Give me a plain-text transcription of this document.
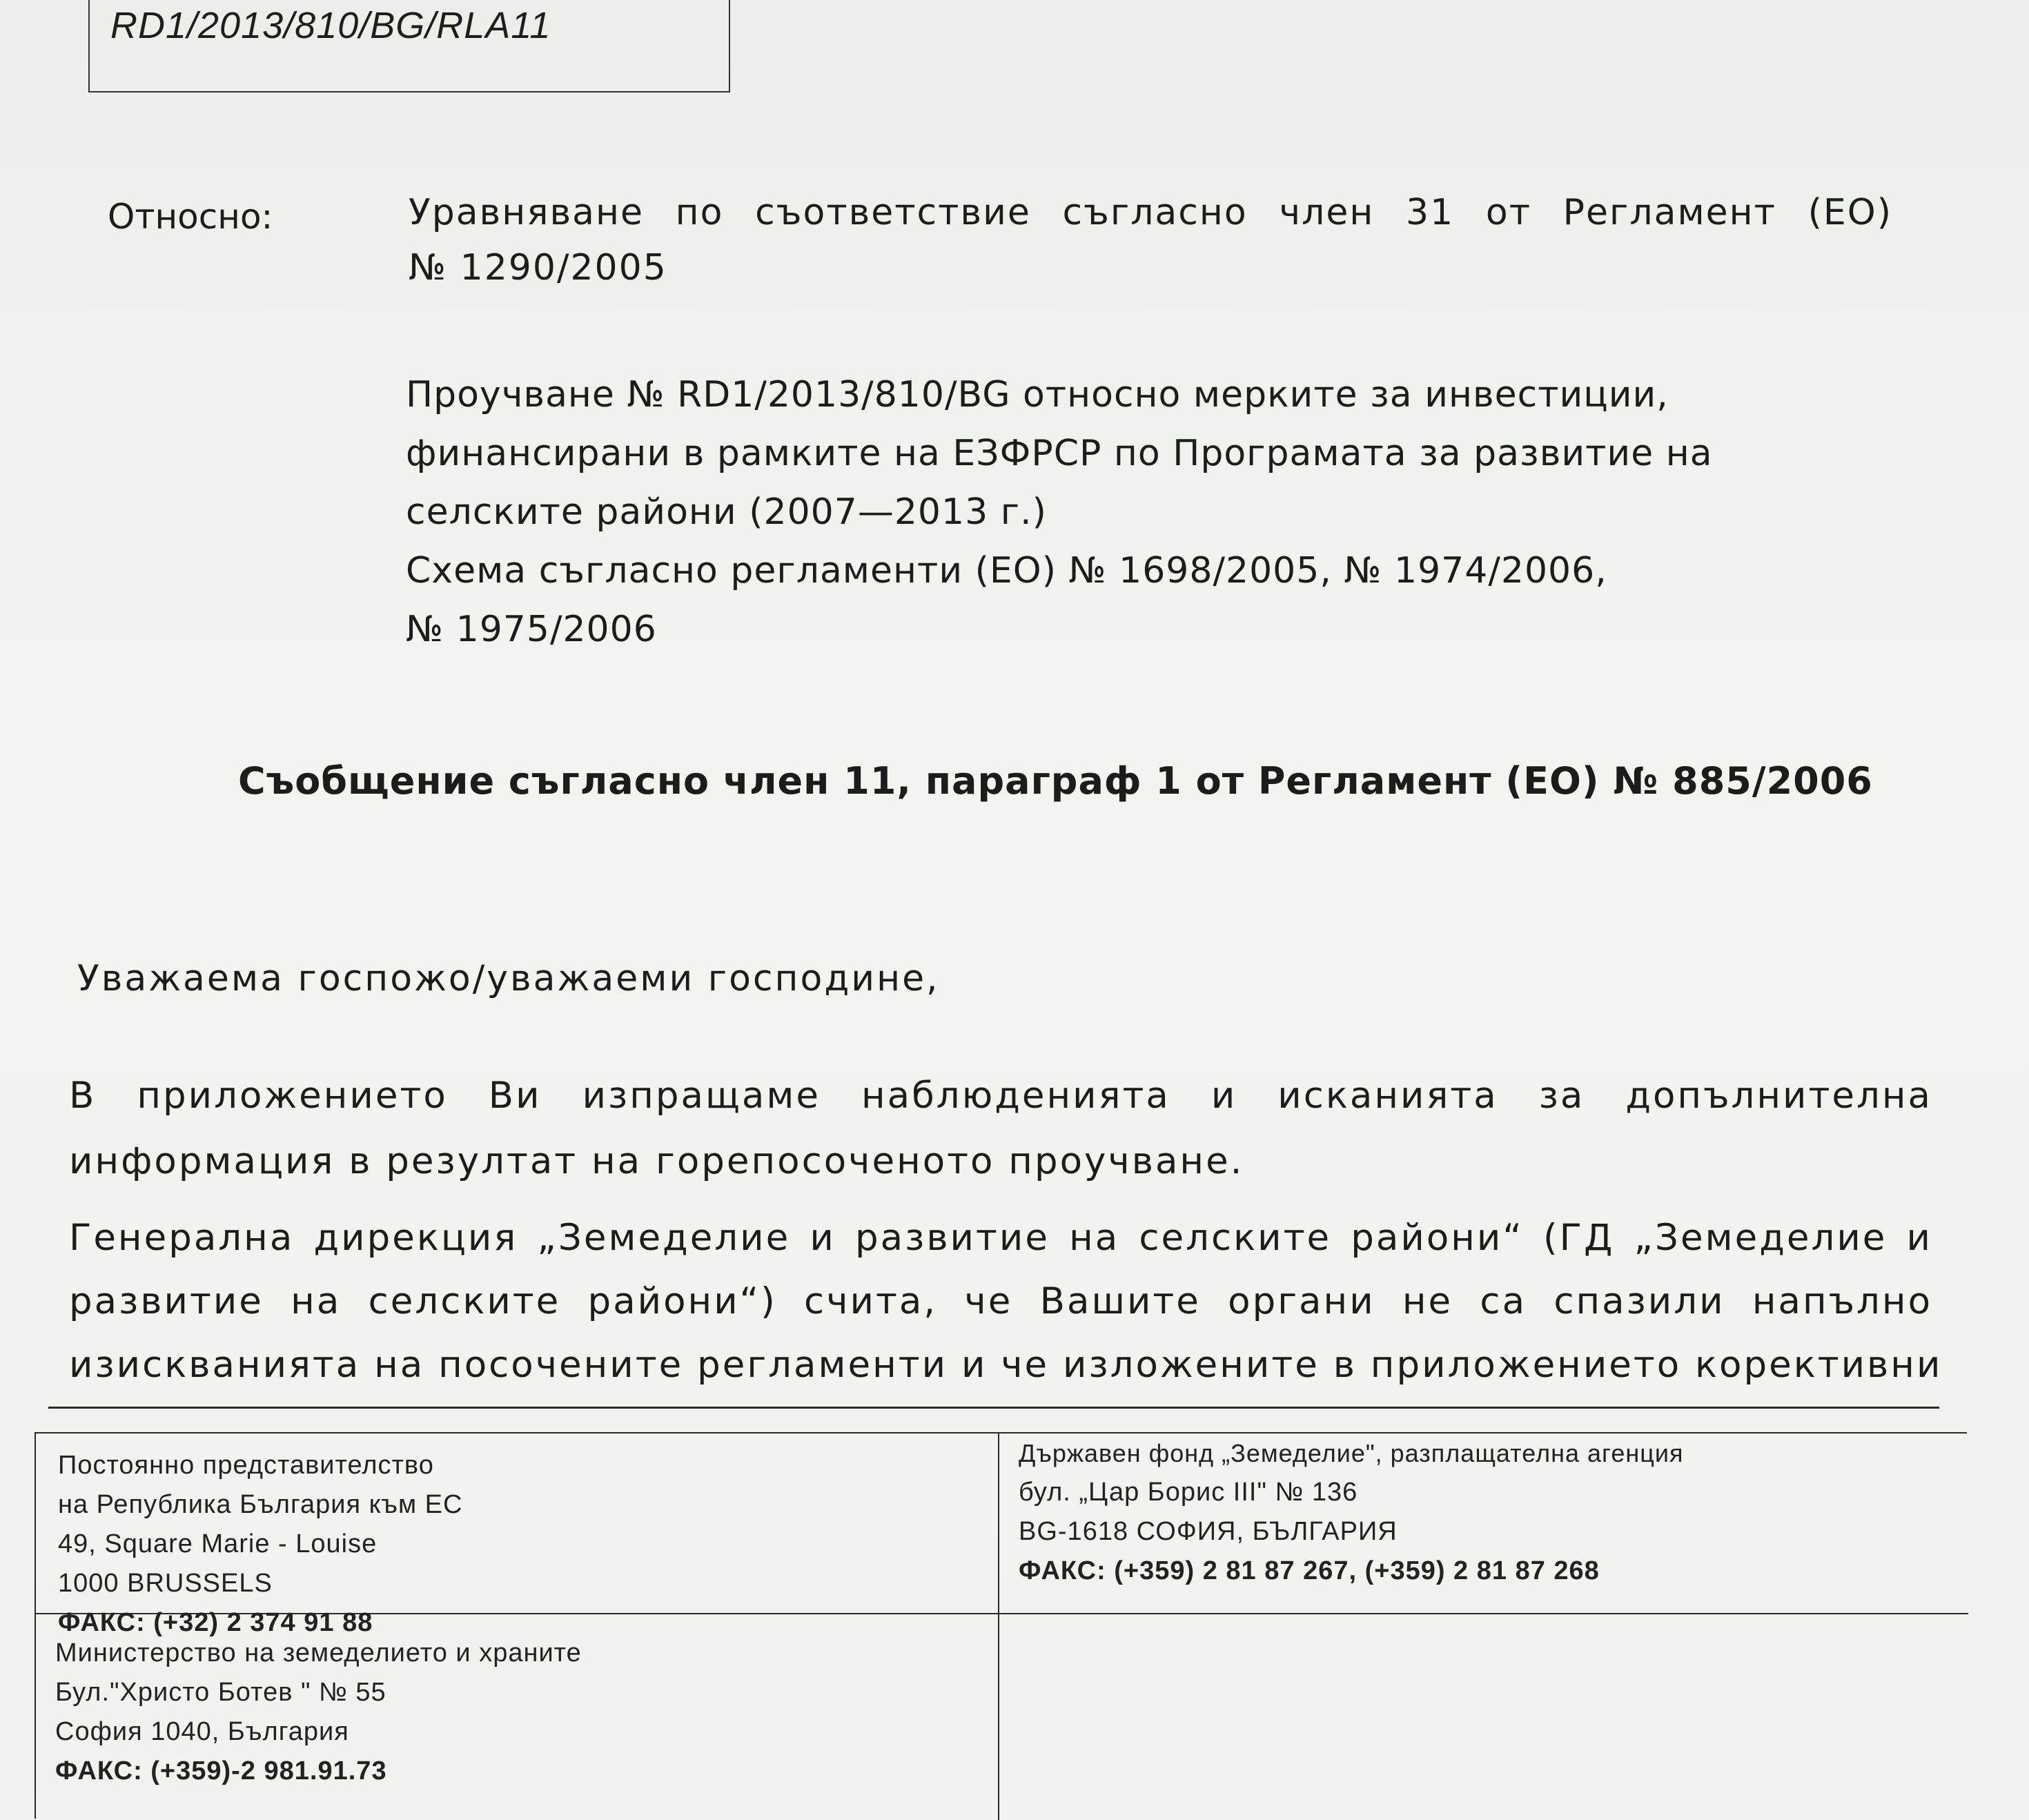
RD1/2013/810/BG/RLA11
Относно:	Уравняване по съответствие съгласно член 31 от Регламент (ЕО)
№ 1290/2005
Проучване № RD1/2013/810/BG относно мерките за инвестиции,
финансирани в рамките на ЕЗФРСР по Програмата за развитие на
селските райони (2007—2013 г.)
Схема съгласно регламенти (ЕО) № 1698/2005, № 1974/2006,
№ 1975/2006
Съобщение съгласно член 11, параграф 1 от Регламент (ЕО) № 885/2006
Уважаема госпожо/уважаеми господине,
В приложението Ви изпращаме наблюденията и исканията за допълнителна
информация в резултат на горепосоченото проучване.
Генерална дирекция „Земеделие и развитие на селските райони“ (ГД „Земеделие и
развитие на селските райони“) счита, че Вашите органи не са спазили напълно
изискванията на посочените регламенти и че изложените в приложението корективни
Постоянно представителство
на Република България към ЕС
49, Square Marie - Louise
1000 BRUSSELS
ФАКС: (+32) 2 374 91 88
Държавен фонд „Земеделие", разплащателна агенция
бул. „Цар Борис III" № 136
BG-1618 СОФИЯ, БЪЛГАРИЯ
ФАКС: (+359) 2 81 87 267, (+359) 2 81 87 268
Министерство на земеделието и храните
Бул."Христо Ботев " № 55
София 1040, България
ФАКС: (+359)-2 981.91.73
